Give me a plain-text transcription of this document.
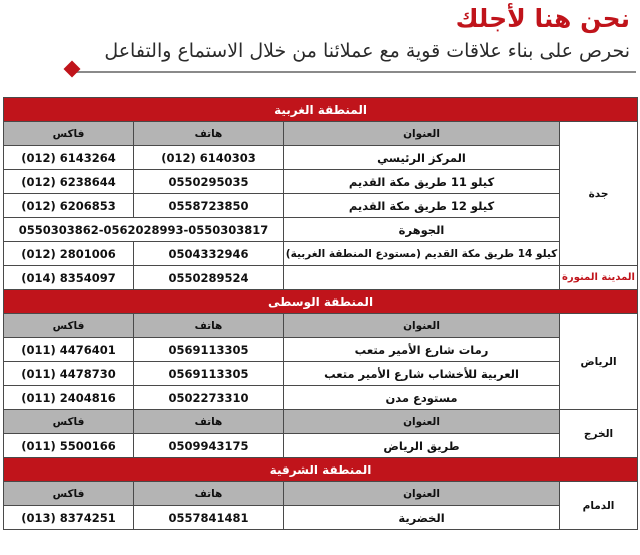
نحن هنا لأجلك

نحرص على بناء علاقات قوية مع عملائنا من خلال الاستماع والتفاعل

المنطقة الغربية			
جدة	العنوان	هاتف	فاكس
	المركز الرئيسي	(012) 6140303	(012) 6143264
	كيلو 11 طريق مكة القديم	0550295035	(012) 6238644
	كيلو 12 طريق مكة القديم	0558723850	(012) 6206853
	الجوهرة	0550303862-0562028993-0550303817	
	كيلو 14 طريق مكة القديم (مستودع المنطقة الغربية)	0504332946	(012) 2801006
المدينة المنورة		0550289524	(014) 8354097
المنطقة الوسطى			
الرياض	العنوان	هاتف	فاكس
	رمات شارع الأمير متعب	0569113305	(011) 4476401
	العربية للأخشاب شارع الأمير متعب	0569113305	(011) 4478730
	مستودع مدن	0502273310	(011) 2404816
الخرج	العنوان	هاتف	فاكس
	طريق الرياض	0509943175	(011) 5500166
المنطقة الشرقية			
الدمام	العنوان	هاتف	فاكس
	الخضرية	0557841481	(013) 8374251
